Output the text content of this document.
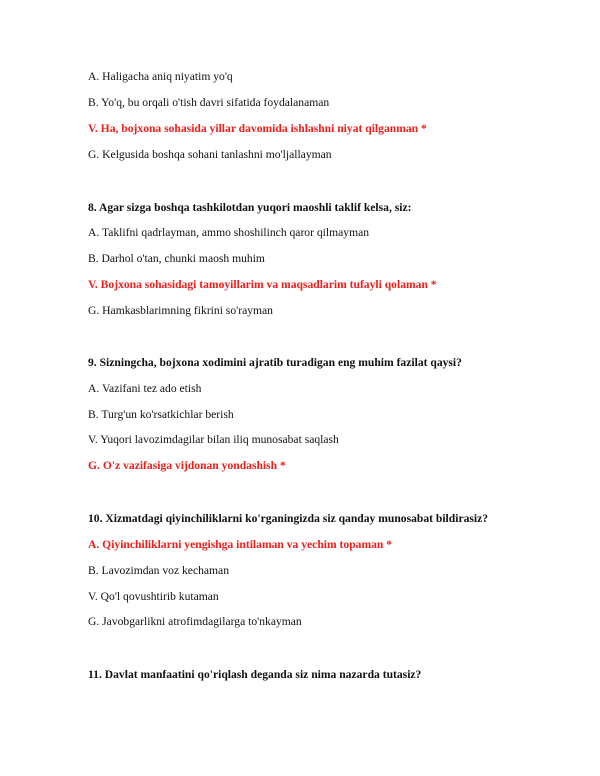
A. Haligacha aniq niyatim yo'q

B. Yo'q, bu orqali o'tish davri sifatida foydalanaman

V. Ha, bojxona sohasida yillar davomida ishlashni niyat qilganman *

G. Kelgusida boshqa sohani tanlashni mo'ljallayman

8. Agar sizga boshqa tashkilotdan yuqori maoshli taklif kelsa, siz:

A. Taklifni qadrlayman, ammo shoshilinch qaror qilmayman

B. Darhol o'tan, chunki maosh muhim

V. Bojxona sohasidagi tamoyillarim va maqsadlarim tufayli qolaman *

G. Hamkasblarimning fikrini so'rayman

9. Sizningcha, bojxona xodimini ajratib turadigan eng muhim fazilat qaysi?

A. Vazifani tez ado etish

B. Turg'un ko'rsatkichlar berish

V. Yuqori lavozimdagilar bilan iliq munosabat saqlash

G. O'z vazifasiga vijdonan yondashish *

10. Xizmatdagi qiyinchiliklarni ko'rganingizda siz qanday munosabat bildirasiz?

A. Qiyinchiliklarni yengishga intilaman va yechim topaman *

B. Lavozimdan voz kechaman

V. Qo'l qovushtirib kutaman

G. Javobgarlikni atrofimdagilarga to'nkayman

11. Davlat manfaatini qo'riqlash deganda siz nima nazarda tutasiz?
